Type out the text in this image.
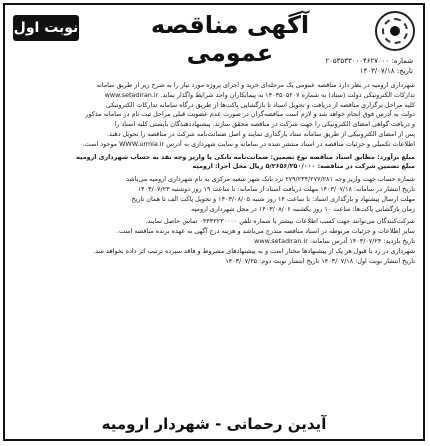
نوبت اول	آگهی مناقصه عمومی	شماره: ۲۰۵۳۵۳۳۰۰۰۴۶۲۷۰۰۰
تاریخ: ۱۴۰۳/۰۷/۱۸
شهرداری ارومیه در نظر دارد مناقصه عمومی یک مرحله‌ای خرید و اجرای پروژه مورد نیاز را به شرح زیر از طریق سامانه
تدارکات الکترونیکی دولت (ستاد) به شماره ۱۴۰۳۵۰۵۲۰۷ به پیمانکاران واجد شرایط واگذار نماید. www.setadiran.ir
کلیه مراحل برگزاری مناقصه از دریافت و تحویل اسناد تا بازگشایی پاکت‌ها از طریق درگاه سامانه تدارکات الکترونیکی
دولت به آدرس فوق انجام خواهد شد و لازم است مناقصه‌گران در صورت عدم عضویت قبلی مراحل ثبت نام در سامانه مذکور
و دریافت گواهی امضای الکترونیکی را جهت شرکت در مناقصه محقق سازند. پیشنهاددهندگان بایستی کلیه اسناد را
پس از امضای الکترونیکی از طریق سامانه ستاد بارگذاری نمایند و اصل ضمانت‌نامه شرکت در مناقصه را تحویل دهند.
اطلاعات تکمیلی و جزئیات مناقصه در اسناد منتشر شده در سامانه و سایت شهرداری به آدرس WWW.urmia.ir موجود است.
مبلغ برآورد: مطابق اسناد مناقصه نوع تضمین: ضمانت‌نامه بانکی یا واریز وجه نقد به حساب شهرداری ارومیه
مبلغ تضمین شرکت در مناقصه: ۵/۲۶۵۶/۲۵۰/۰۰۰ ریال محل اجرا: ارومیه
شماره حساب جهت واریز وجه ۲۷۹/۲۳۴/۲۷۷/۲۸۱ نزد بانک شهر شعبه مرکزی به نام شهرداری ارومیه می‌باشد
تاریخ انتشار در سامانه: ۱۴۰۳/۰۷/۱۸ مهلت دریافت اسناد از سامانه: تا ساعت ۱۹ روز دوشنبه ۱۴۰۳/۰۷/۲۳
مهلت ارسال پیشنهاد و بارگذاری اسناد: تا ساعت ۱۴ روز شنبه ۱۴۰۳/۰۸/۰۵ و تحویل پاکت الف تا همان تاریخ
زمان بازگشایی پاکت‌ها: ساعت ۱۰ روز یکشنبه ۱۴۰۳/۰۸/۰۶ در محل شهرداری ارومیه
شرکت‌کنندگان می‌توانند جهت کسب اطلاعات بیشتر با شماره تلفن ۰۴۴۳۲۲۳۰۰۰۰ تماس حاصل نمایند.
سایر اطلاعات و جزئیات مربوطه در اسناد مناقصه مندرج می‌باشد و هزینه درج آگهی به عهده برنده مناقصه است.
تاریخ بازدید: ۱۴۰۳/۰۷/۲۴ آدرس سامانه: www.setadiran.ir
شهرداری در رد یا قبول هر یک از پیشنهادها مختار است و به پیشنهادهای مشروط و فاقد سپرده ترتیب اثر داده نخواهد شد.
تاریخ انتشار نوبت اول: ۱۴۰۳/۰۷/۱۸ تاریخ انتشار نوبت دوم: ۱۴۰۳/۰۷/۲۵
آیدین رحمانی - شهردار ارومیه
